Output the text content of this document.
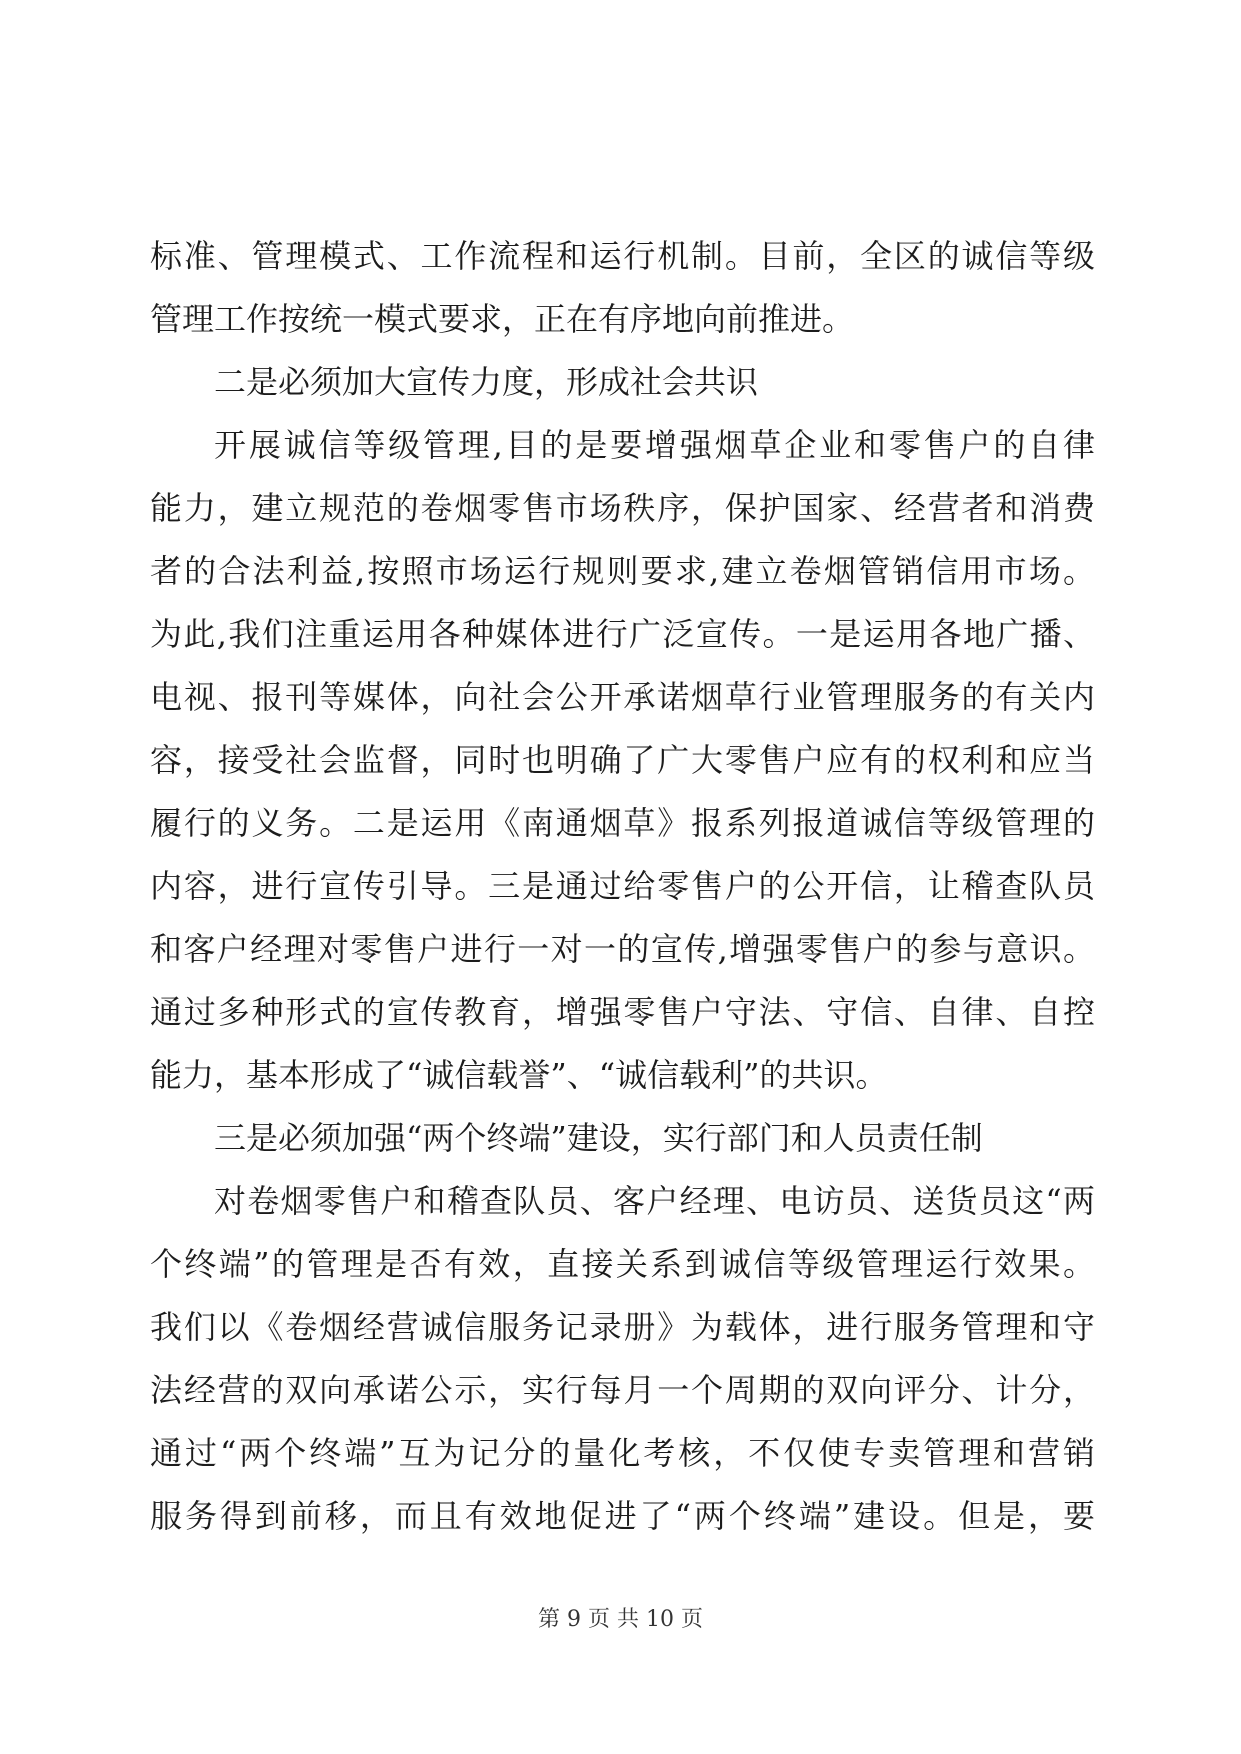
标准、管理模式、工作流程和运行机制。目前，全区的诚信等级
管理工作按统一模式要求，正在有序地向前推进。
二是必须加大宣传力度，形成社会共识
开展诚信等级管理,目的是要增强烟草企业和零售户的自律
能力，建立规范的卷烟零售市场秩序，保护国家、经营者和消费
者的合法利益,按照市场运行规则要求,建立卷烟管销信用市场。
为此,我们注重运用各种媒体进行广泛宣传。一是运用各地广播、
电视、报刊等媒体，向社会公开承诺烟草行业管理服务的有关内
容，接受社会监督，同时也明确了广大零售户应有的权利和应当
履行的义务。二是运用《南通烟草》报系列报道诚信等级管理的
内容，进行宣传引导。三是通过给零售户的公开信，让稽查队员
和客户经理对零售户进行一对一的宣传,增强零售户的参与意识。
通过多种形式的宣传教育，增强零售户守法、守信、自律、自控
能力，基本形成了“诚信载誉”、“诚信载利”的共识。
三是必须加强“两个终端”建设，实行部门和人员责任制
对卷烟零售户和稽查队员、客户经理、电访员、送货员这“两
个终端”的管理是否有效，直接关系到诚信等级管理运行效果。
我们以《卷烟经营诚信服务记录册》为载体，进行服务管理和守
法经营的双向承诺公示，实行每月一个周期的双向评分、计分，
通过“两个终端”互为记分的量化考核，不仅使专卖管理和营销
服务得到前移，而且有效地促进了“两个终端”建设。但是，要
第 9 页 共 10 页
